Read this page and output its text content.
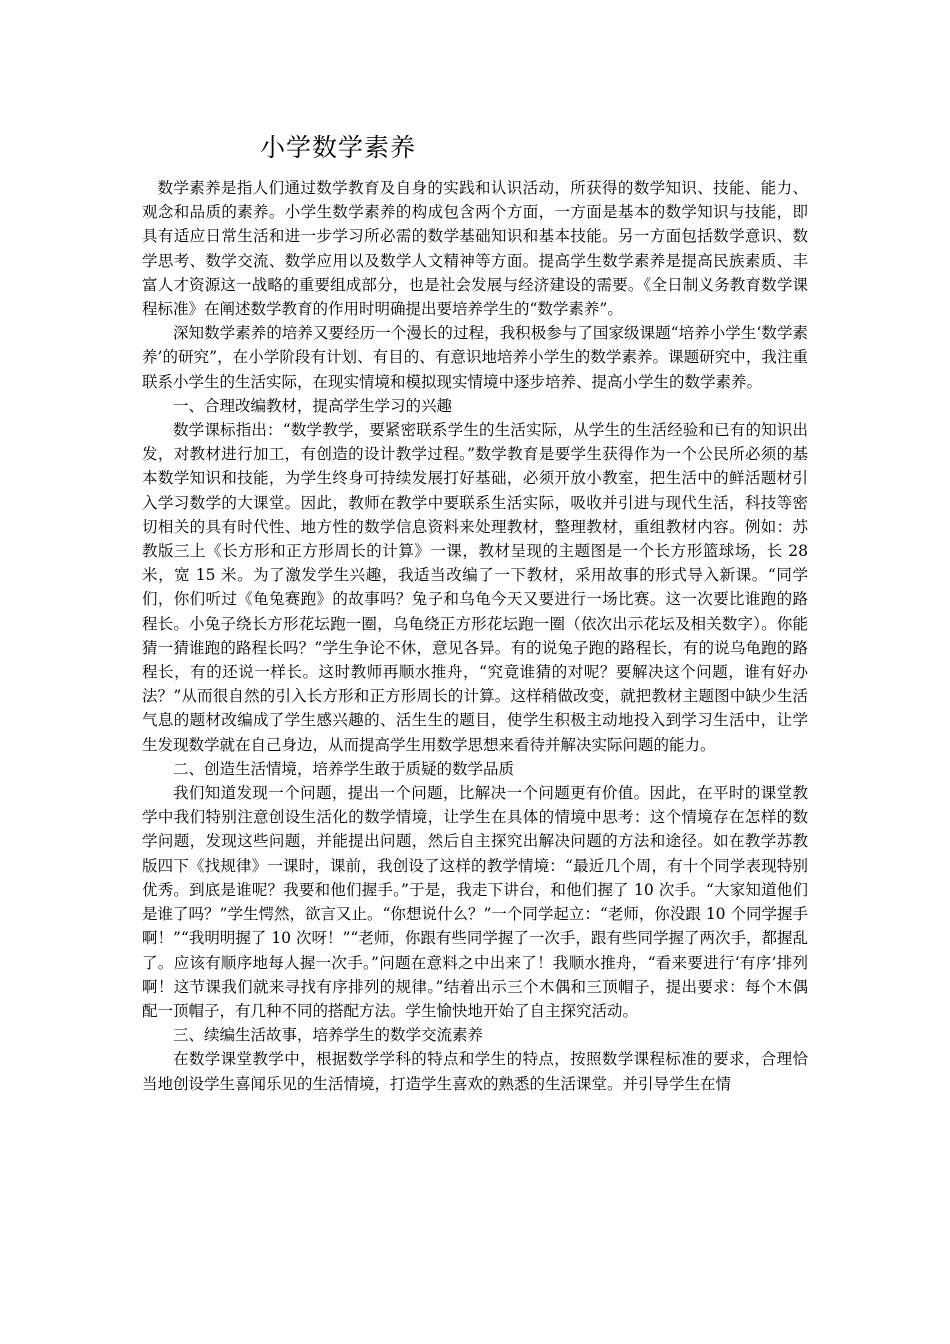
小学数学素养

数学素养是指人们通过数学教育及自身的实践和认识活动，所获得的数学知识、技能、能力、观念和品质的素养。小学生数学素养的构成包含两个方面，一方面是基本的数学知识与技能，即具有适应日常生活和进一步学习所必需的数学基础知识和基本技能。另一方面包括数学意识、数学思考、数学交流、数学应用以及数学人文精神等方面。提高学生数学素养是提高民族素质、丰富人才资源这一战略的重要组成部分，也是社会发展与经济建设的需要。《全日制义务教育数学课程标准》在阐述数学教育的作用时明确提出要培养学生的“数学素养”。

深知数学素养的培养又要经历一个漫长的过程，我积极参与了国家级课题“培养小学生‘数学素养’的研究”，在小学阶段有计划、有目的、有意识地培养小学生的数学素养。课题研究中，我注重联系小学生的生活实际，在现实情境和模拟现实情境中逐步培养、提高小学生的数学素养。

一、合理改编教材，提高学生学习的兴趣

数学课标指出：“数学教学，要紧密联系学生的生活实际，从学生的生活经验和已有的知识出发，对教材进行加工，有创造的设计教学过程。”数学教育是要学生获得作为一个公民所必须的基本数学知识和技能，为学生终身可持续发展打好基础，必须开放小教室，把生活中的鲜活题材引入学习数学的大课堂。因此，教师在教学中要联系生活实际，吸收并引进与现代生活，科技等密切相关的具有时代性、地方性的数学信息资料来处理教材，整理教材，重组教材内容。例如：苏教版三上《长方形和正方形周长的计算》一课，教材呈现的主题图是一个长方形篮球场，长 28 米，宽 15 米。为了激发学生兴趣，我适当改编了一下教材，采用故事的形式导入新课。“同学们，你们听过《龟兔赛跑》的故事吗？兔子和乌龟今天又要进行一场比赛。这一次要比谁跑的路程长。小兔子绕长方形花坛跑一圈，乌龟绕正方形花坛跑一圈（依次出示花坛及相关数字）。你能猜一猜谁跑的路程长吗？”学生争论不休，意见各异。有的说兔子跑的路程长，有的说乌龟跑的路程长，有的还说一样长。这时教师再顺水推舟，“究竟谁猜的对呢？要解决这个问题，谁有好办法？”从而很自然的引入长方形和正方形周长的计算。这样稍做改变，就把教材主题图中缺少生活气息的题材改编成了学生感兴趣的、活生生的题目，使学生积极主动地投入到学习生活中，让学生发现数学就在自己身边，从而提高学生用数学思想来看待并解决实际问题的能力。

二、创造生活情境，培养学生敢于质疑的数学品质

我们知道发现一个问题，提出一个问题，比解决一个问题更有价值。因此，在平时的课堂教学中我们特别注意创设生活化的数学情境，让学生在具体的情境中思考：这个情境存在怎样的数学问题，发现这些问题，并能提出问题，然后自主探究出解决问题的方法和途径。如在教学苏教版四下《找规律》一课时，课前，我创设了这样的教学情境：“最近几个周，有十个同学表现特别优秀。到底是谁呢？我要和他们握手。”于是，我走下讲台，和他们握了 10 次手。“大家知道他们是谁了吗？”学生愕然，欲言又止。“你想说什么？”一个同学起立：“老师，你没跟 10 个同学握手啊！”“我明明握了 10 次呀！”“老师，你跟有些同学握了一次手，跟有些同学握了两次手，都握乱了。应该有顺序地每人握一次手。”问题在意料之中出来了！我顺水推舟，“看来要进行‘有序’排列啊！这节课我们就来寻找有序排列的规律。”结着出示三个木偶和三顶帽子，提出要求：每个木偶配一顶帽子，有几种不同的搭配方法。学生愉快地开始了自主探究活动。

三、续编生活故事，培养学生的数学交流素养

在数学课堂教学中，根据数学学科的特点和学生的特点，按照数学课程标准的要求，合理恰当地创设学生喜闻乐见的生活情境，打造学生喜欢的熟悉的生活课堂。并引导学生在情
